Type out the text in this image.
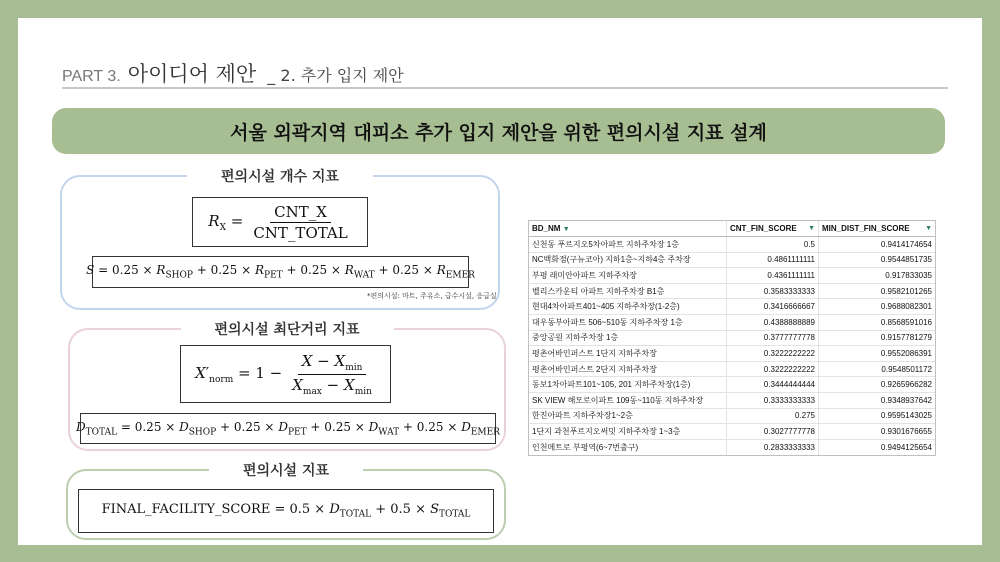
PART 3. 아이디어 제안 _ 2. 추가 입지 제안
서울 외곽지역 대피소 추가 입지 제안을 위한 편의시설 지표 설계
편의시설 개수 지표
$R_X = \frac{\text{CNT\_X}}{\text{CNT\_TOTAL}}$
$S = 0.25 \times R_{SHOP} + 0.25 \times R_{PET} + 0.25 \times R_{WAT} + 0.25 \times R_{EMER}$
*편의시설: 마트, 주유소, 급수시설, 응급실
편의시설 최단거리 지표
$X'_{norm} = 1 - \frac{X - X_{min}}{X_{max} - X_{min}}$
$D_{TOTAL} = 0.25 \times D_{SHOP} + 0.25 \times D_{PET} + 0.25 \times D_{WAT} + 0.25 \times D_{EMER}$
편의시설 지표
FINAL_FACILITY_SCORE = $0.5 \times D_{TOTAL} + 0.5 \times S_{TOTAL}$
BD_NM ▼	CNT_FIN_SCORE ▼ MIN_DIST_FIN_SCORE ▼
신천동 푸르지오5차아파트 지하주차장 1층	0.5	0.9414174654
NC백화점(구뉴코아) 지하1층~지하4층 주차장	0.4861111111	0.9544851735
부평 래미안아파트 지하주차장	0.4361111111	0.917833035
벨리스카운티 아파트 지하주차장 B1층	0.3583333333	0.9582101265
현대4차아파트401~405 지하주차장(1-2층)	0.3416666667	0.9688082301
대우동부아파트 506~510동 지하주차장 1층	0.4388888889	0.8568591016
중앙공원 지하주차장 1층	0.3777777778	0.9157781279
평촌어바인퍼스트 1단지 지하주차장	0.3222222222	0.9552086391
평촌어바인퍼스트 2단지 지하주차장	0.3222222222	0.9548501172
동보1차아파트101~105, 201 지하주차장(1층)	0.3444444444	0.9265966282
SK VIEW 해모로이파트 109동~110동 지하주차장	0.3333333333	0.9348937642
한진아파트 지하주차장1~2층	0.275	0.9595143025
1단지 과천푸르지오써밋 지하주차장 1~3층	0.3027777778	0.9301676655
인천메트로 부평역(6~7번출구)	0.2833333333	0.9494125654
